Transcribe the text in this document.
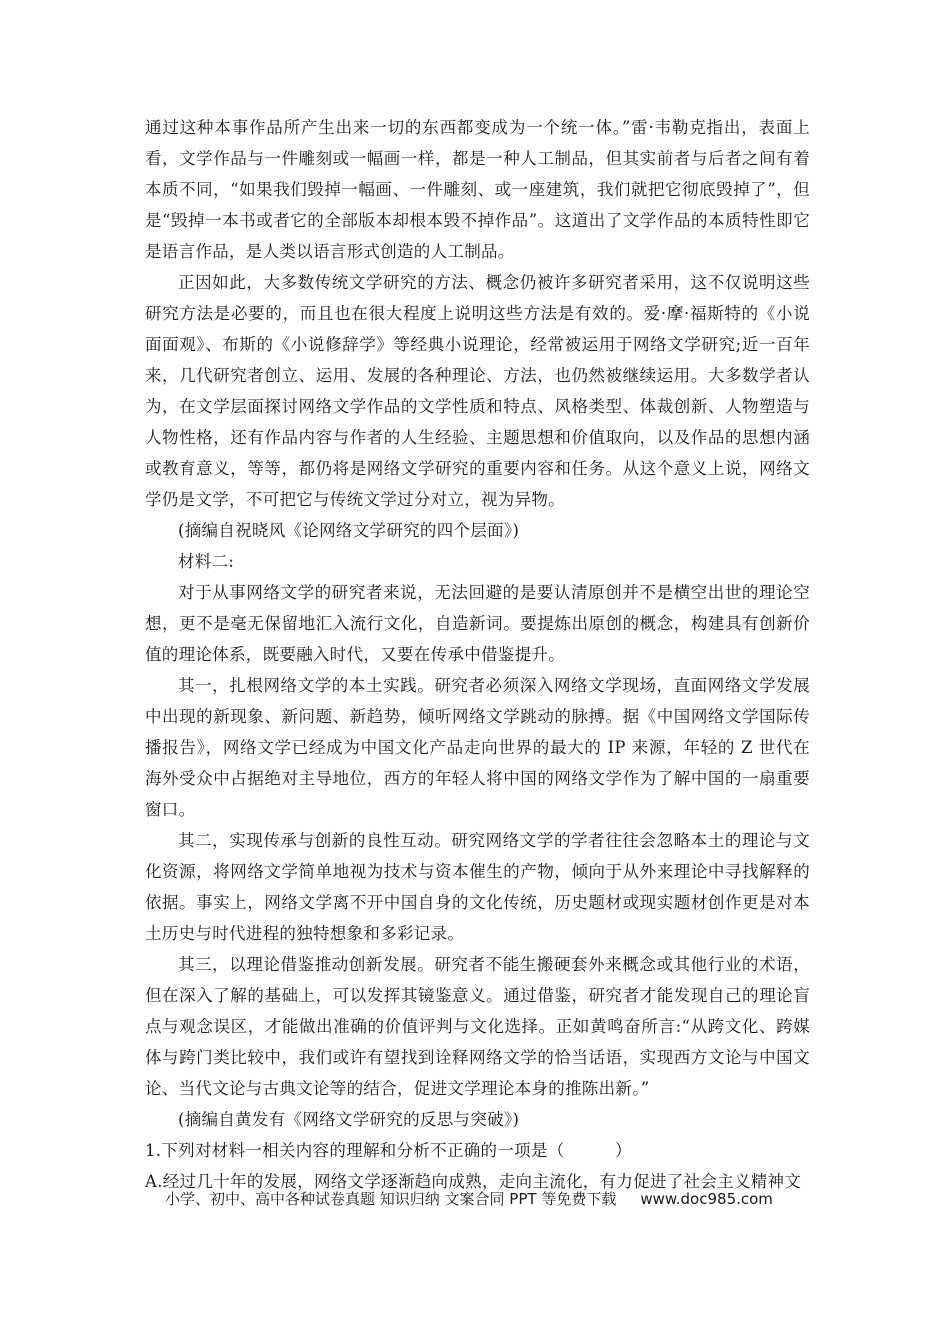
通过这种本事作品所产生出来一切的东西都变成为一个统一体。”雷·韦勒克指出，表面上看，文学作品与一件雕刻或一幅画一样，都是一种人工制品，但其实前者与后者之间有着本质不同，“如果我们毁掉一幅画、一件雕刻、或一座建筑，我们就把它彻底毁掉了”，但是“毁掉一本书或者它的全部版本却根本毁不掉作品”。这道出了文学作品的本质特性即它是语言作品，是人类以语言形式创造的人工制品。

正因如此，大多数传统文学研究的方法、概念仍被许多研究者采用，这不仅说明这些研究方法是必要的，而且也在很大程度上说明这些方法是有效的。爱·摩·福斯特的《小说面面观》、布斯的《小说修辞学》等经典小说理论，经常被运用于网络文学研究;近一百年来，几代研究者创立、运用、发展的各种理论、方法，也仍然被继续运用。大多数学者认为，在文学层面探讨网络文学作品的文学性质和特点、风格类型、体裁创新、人物塑造与人物性格，还有作品内容与作者的人生经验、主题思想和价值取向，以及作品的思想内涵或教育意义，等等，都仍将是网络文学研究的重要内容和任务。从这个意义上说，网络文学仍是文学，不可把它与传统文学过分对立，视为异物。

(摘编自祝晓风《论网络文学研究的四个层面》)

材料二:

对于从事网络文学的研究者来说，无法回避的是要认清原创并不是横空出世的理论空想，更不是毫无保留地汇入流行文化，自造新词。要提炼出原创的概念，构建具有创新价值的理论体系，既要融入时代，又要在传承中借鉴提升。

其一，扎根网络文学的本土实践。研究者必须深入网络文学现场，直面网络文学发展中出现的新现象、新问题、新趋势，倾听网络文学跳动的脉搏。据《中国网络文学国际传播报告》，网络文学已经成为中国文化产品走向世界的最大的 IP 来源，年轻的 Z 世代在海外受众中占据绝对主导地位，西方的年轻人将中国的网络文学作为了解中国的一扇重要窗口。

其二，实现传承与创新的良性互动。研究网络文学的学者往往会忽略本土的理论与文化资源，将网络文学简单地视为技术与资本催生的产物，倾向于从外来理论中寻找解释的依据。事实上，网络文学离不开中国自身的文化传统，历史题材或现实题材创作更是对本土历史与时代进程的独特想象和多彩记录。

其三，以理论借鉴推动创新发展。研究者不能生搬硬套外来概念或其他行业的术语，但在深入了解的基础上，可以发挥其镜鉴意义。通过借鉴，研究者才能发现自己的理论盲点与观念误区，才能做出准确的价值评判与文化选择。正如黄鸣奋所言:“从跨文化、跨媒体与跨门类比较中，我们或许有望找到诠释网络文学的恰当话语，实现西方文论与中国文论、当代文论与古典文论等的结合，促进文学理论本身的推陈出新。”

(摘编自黄发有《网络文学研究的反思与突破》)

1.下列对材料一相关内容的理解和分析不正确的一项是（　　　）

A.经过几十年的发展，网络文学逐渐趋向成熟，走向主流化，有力促进了社会主义精神文

小学、初中、高中各种试卷真题 知识归纳 文案合同 PPT 等免费下载 www.doc985.com
